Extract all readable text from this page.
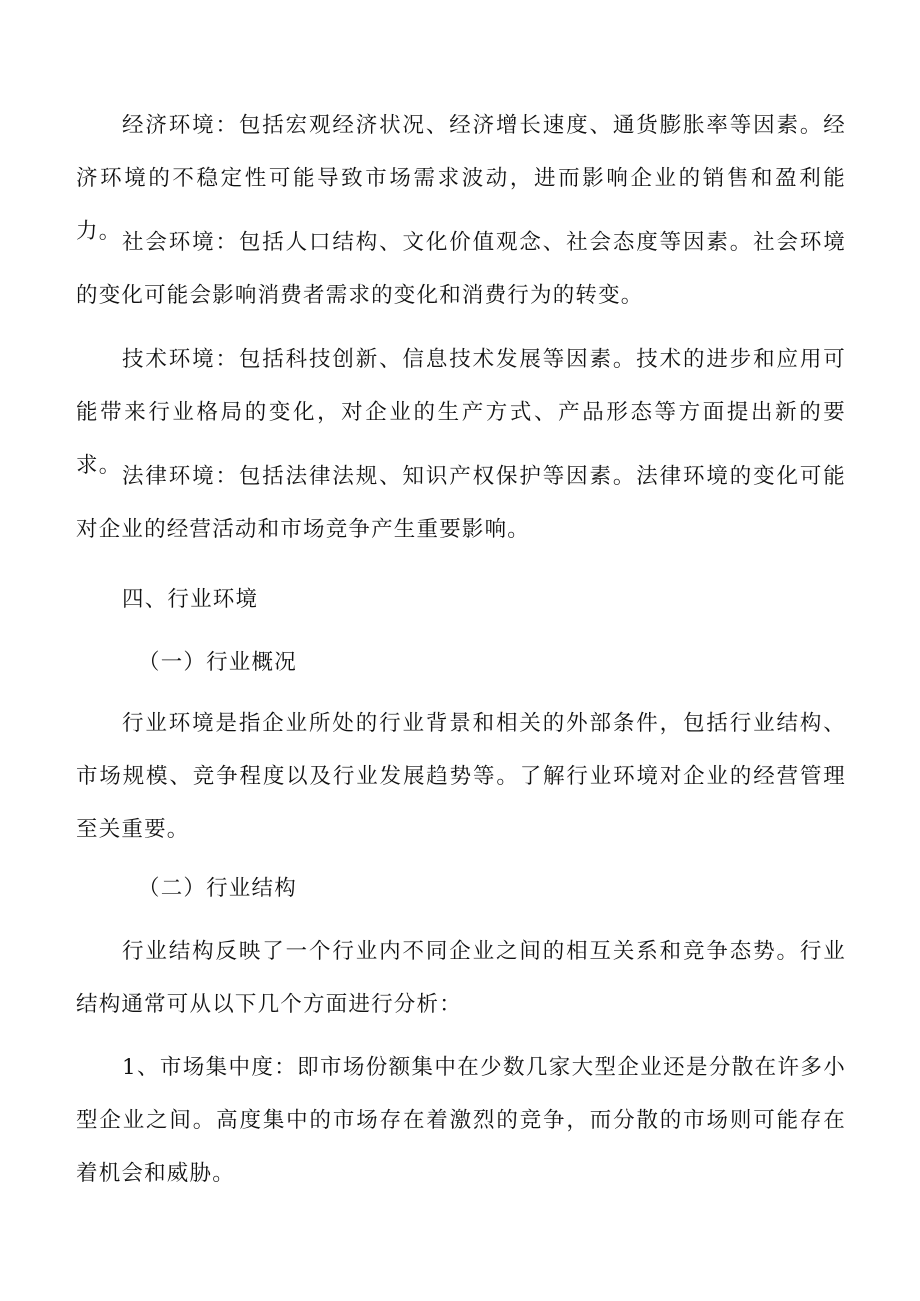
经济环境：包括宏观经济状况、经济增长速度、通货膨胀率等因素。经济环境的不稳定性可能导致市场需求波动，进而影响企业的销售和盈利能力。 社会环境：包括人口结构、文化价值观念、社会态度等因素。社会环境的变化可能会影响消费者需求的变化和消费行为的转变。

技术环境：包括科技创新、信息技术发展等因素。技术的进步和应用可能带来行业格局的变化，对企业的生产方式、产品形态等方面提出新的要求。 法律环境：包括法律法规、知识产权保护等因素。法律环境的变化可能对企业的经营活动和市场竞争产生重要影响。

四、行业环境
（一）行业概况

行业环境是指企业所处的行业背景和相关的外部条件，包括行业结构、市场规模、竞争程度以及行业发展趋势等。了解行业环境对企业的经营管理至关重要。

（二）行业结构

行业结构反映了一个行业内不同企业之间的相互关系和竞争态势。行业结构通常可从以下几个方面进行分析：

1、市场集中度：即市场份额集中在少数几家大型企业还是分散在许多小型企业之间。高度集中的市场存在着激烈的竞争，而分散的市场则可能存在着机会和威胁。
